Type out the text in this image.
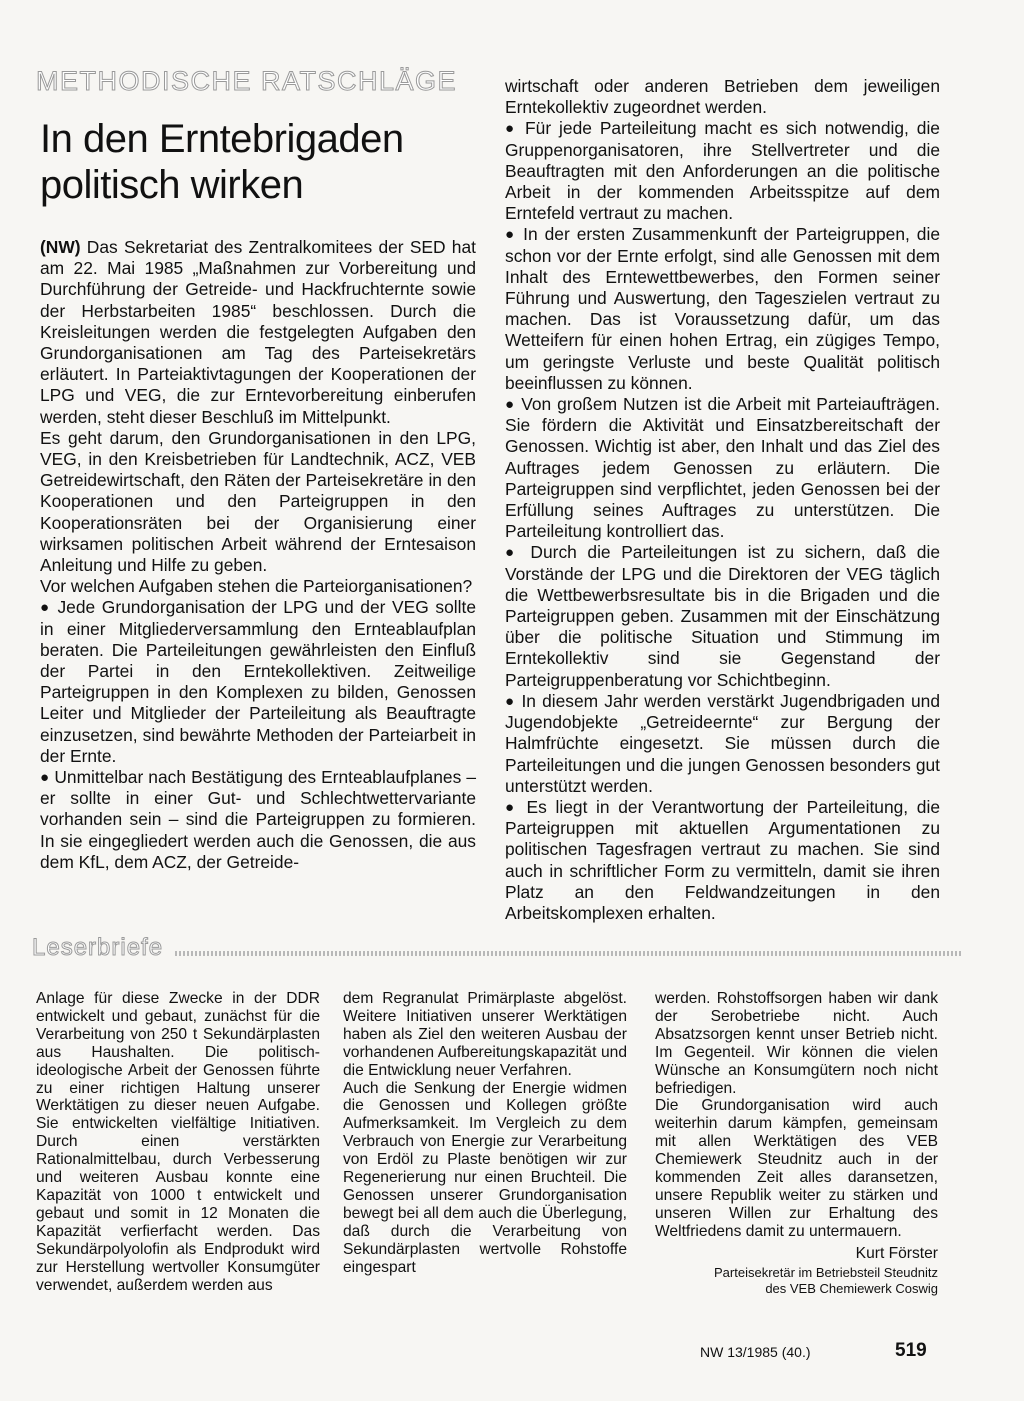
METHODISCHE RATSCHLÄGE
In den Erntebrigaden
politisch wirken

(NW) Das Sekretariat des Zentralkomitees der SED hat am 22. Mai 1985 „Maßnahmen zur Vorbereitung und Durchführung der Getreide- und Hackfruchternte sowie der Herbstarbeiten 1985“ beschlossen. Durch die Kreisleitungen werden die festgelegten Aufgaben den Grundorganisationen am Tag des Parteisekretärs erläutert. In Parteiaktivtagungen der Kooperationen der LPG und VEG, die zur Erntevorbereitung einberufen werden, steht dieser Beschluß im Mittelpunkt.

Es geht darum, den Grundorganisationen in den LPG, VEG, in den Kreisbetrieben für Landtechnik, ACZ, VEB Getreidewirtschaft, den Räten der Parteisekretäre in den Kooperationen und den Parteigruppen in den Kooperationsräten bei der Organisierung einer wirksamen politischen Arbeit während der Erntesaison Anleitung und Hilfe zu geben.

Vor welchen Aufgaben stehen die Parteiorganisationen?

● Jede Grundorganisation der LPG und der VEG sollte in einer Mitgliederversammlung den Ernteablaufplan beraten. Die Parteileitungen gewährleisten den Einfluß der Partei in den Erntekollektiven. Zeitweilige Parteigruppen in den Komplexen zu bilden, Genossen Leiter und Mitglieder der Parteileitung als Beauftragte einzusetzen, sind bewährte Methoden der Parteiarbeit in der Ernte.

● Unmittelbar nach Bestätigung des Ernteablaufplanes – er sollte in einer Gut- und Schlechtwettervariante vorhanden sein – sind die Parteigruppen zu formieren. In sie eingegliedert werden auch die Genossen, die aus dem KfL, dem ACZ, der Getreide-

wirtschaft oder anderen Betrieben dem jeweiligen Erntekollektiv zugeordnet werden.

● Für jede Parteileitung macht es sich notwendig, die Gruppenorganisatoren, ihre Stellvertreter und die Beauftragten mit den Anforderungen an die politische Arbeit in der kommenden Arbeitsspitze auf dem Erntefeld vertraut zu machen.

● In der ersten Zusammenkunft der Parteigruppen, die schon vor der Ernte erfolgt, sind alle Genossen mit dem Inhalt des Erntewettbewerbes, den Formen seiner Führung und Auswertung, den Tageszielen vertraut zu machen. Das ist Voraussetzung dafür, um das Wetteifern für einen hohen Ertrag, ein zügiges Tempo, um geringste Verluste und beste Qualität politisch beeinflussen zu können.

● Von großem Nutzen ist die Arbeit mit Parteiaufträgen. Sie fördern die Aktivität und Einsatzbereitschaft der Genossen. Wichtig ist aber, den Inhalt und das Ziel des Auftrages jedem Genossen zu erläutern. Die Parteigruppen sind verpflichtet, jeden Genossen bei der Erfüllung seines Auftrages zu unterstützen. Die Parteileitung kontrolliert das.

● Durch die Parteileitungen ist zu sichern, daß die Vorstände der LPG und die Direktoren der VEG täglich die Wettbewerbsresultate bis in die Brigaden und die Parteigruppen geben. Zusammen mit der Einschätzung über die politische Situation und Stimmung im Erntekollektiv sind sie Gegenstand der Parteigruppenberatung vor Schichtbeginn.

● In diesem Jahr werden verstärkt Jugendbrigaden und Jugendobjekte „Getreideernte“ zur Bergung der Halmfrüchte eingesetzt. Sie müssen durch die Parteileitungen und die jungen Genossen besonders gut unterstützt werden.

● Es liegt in der Verantwortung der Parteileitung, die Parteigruppen mit aktuellen Argumentationen zu politischen Tagesfragen vertraut zu machen. Sie sind auch in schriftlicher Form zu vermitteln, damit sie ihren Platz an den Feldwandzeitungen in den Arbeitskomplexen erhalten.

Leserbriefe

Anlage für diese Zwecke in der DDR entwickelt und gebaut, zunächst für die Verarbeitung von 250 t Sekundärplasten aus Haushalten. Die politisch-ideologische Arbeit der Genossen führte zu einer richtigen Haltung unserer Werktätigen zu dieser neuen Aufgabe. Sie entwickelten vielfältige Initiativen. Durch einen verstärkten Rationalmittelbau, durch Verbesserung und weiteren Ausbau konnte eine Kapazität von 1000 t entwickelt und gebaut und somit in 12 Monaten die Kapazität verfierfacht werden. Das Sekundärpolyolofin als Endprodukt wird zur Herstellung wertvoller Konsumgüter verwendet, außerdem werden aus

dem Regranulat Primärplaste abgelöst. Weitere Initiativen unserer Werktätigen haben als Ziel den weiteren Ausbau der vorhandenen Aufbereitungskapazität und die Entwicklung neuer Verfahren.

Auch die Senkung der Energie widmen die Genossen und Kollegen größte Aufmerksamkeit. Im Vergleich zu dem Verbrauch von Energie zur Verarbeitung von Erdöl zu Plaste benötigen wir zur Regenerierung nur einen Bruchteil. Die Genossen unserer Grundorganisation bewegt bei all dem auch die Überlegung, daß durch die Verarbeitung von Sekundärplasten wertvolle Rohstoffe eingespart

werden. Rohstoffsorgen haben wir dank der Serobetriebe nicht. Auch Absatzsorgen kennt unser Betrieb nicht. Im Gegenteil. Wir können die vielen Wünsche an Konsumgütern noch nicht befriedigen.

Die Grundorganisation wird auch weiterhin darum kämpfen, gemeinsam mit allen Werktätigen des VEB Chemiewerk Steudnitz auch in der kommenden Zeit alles daransetzen, unsere Republik weiter zu stärken und unseren Willen zur Erhaltung des Weltfriedens damit zu untermauern.

Kurt Förster
Parteisekretär im Betriebsteil Steudnitz
des VEB Chemiewerk Coswig
NW 13/1985 (40.)	519
